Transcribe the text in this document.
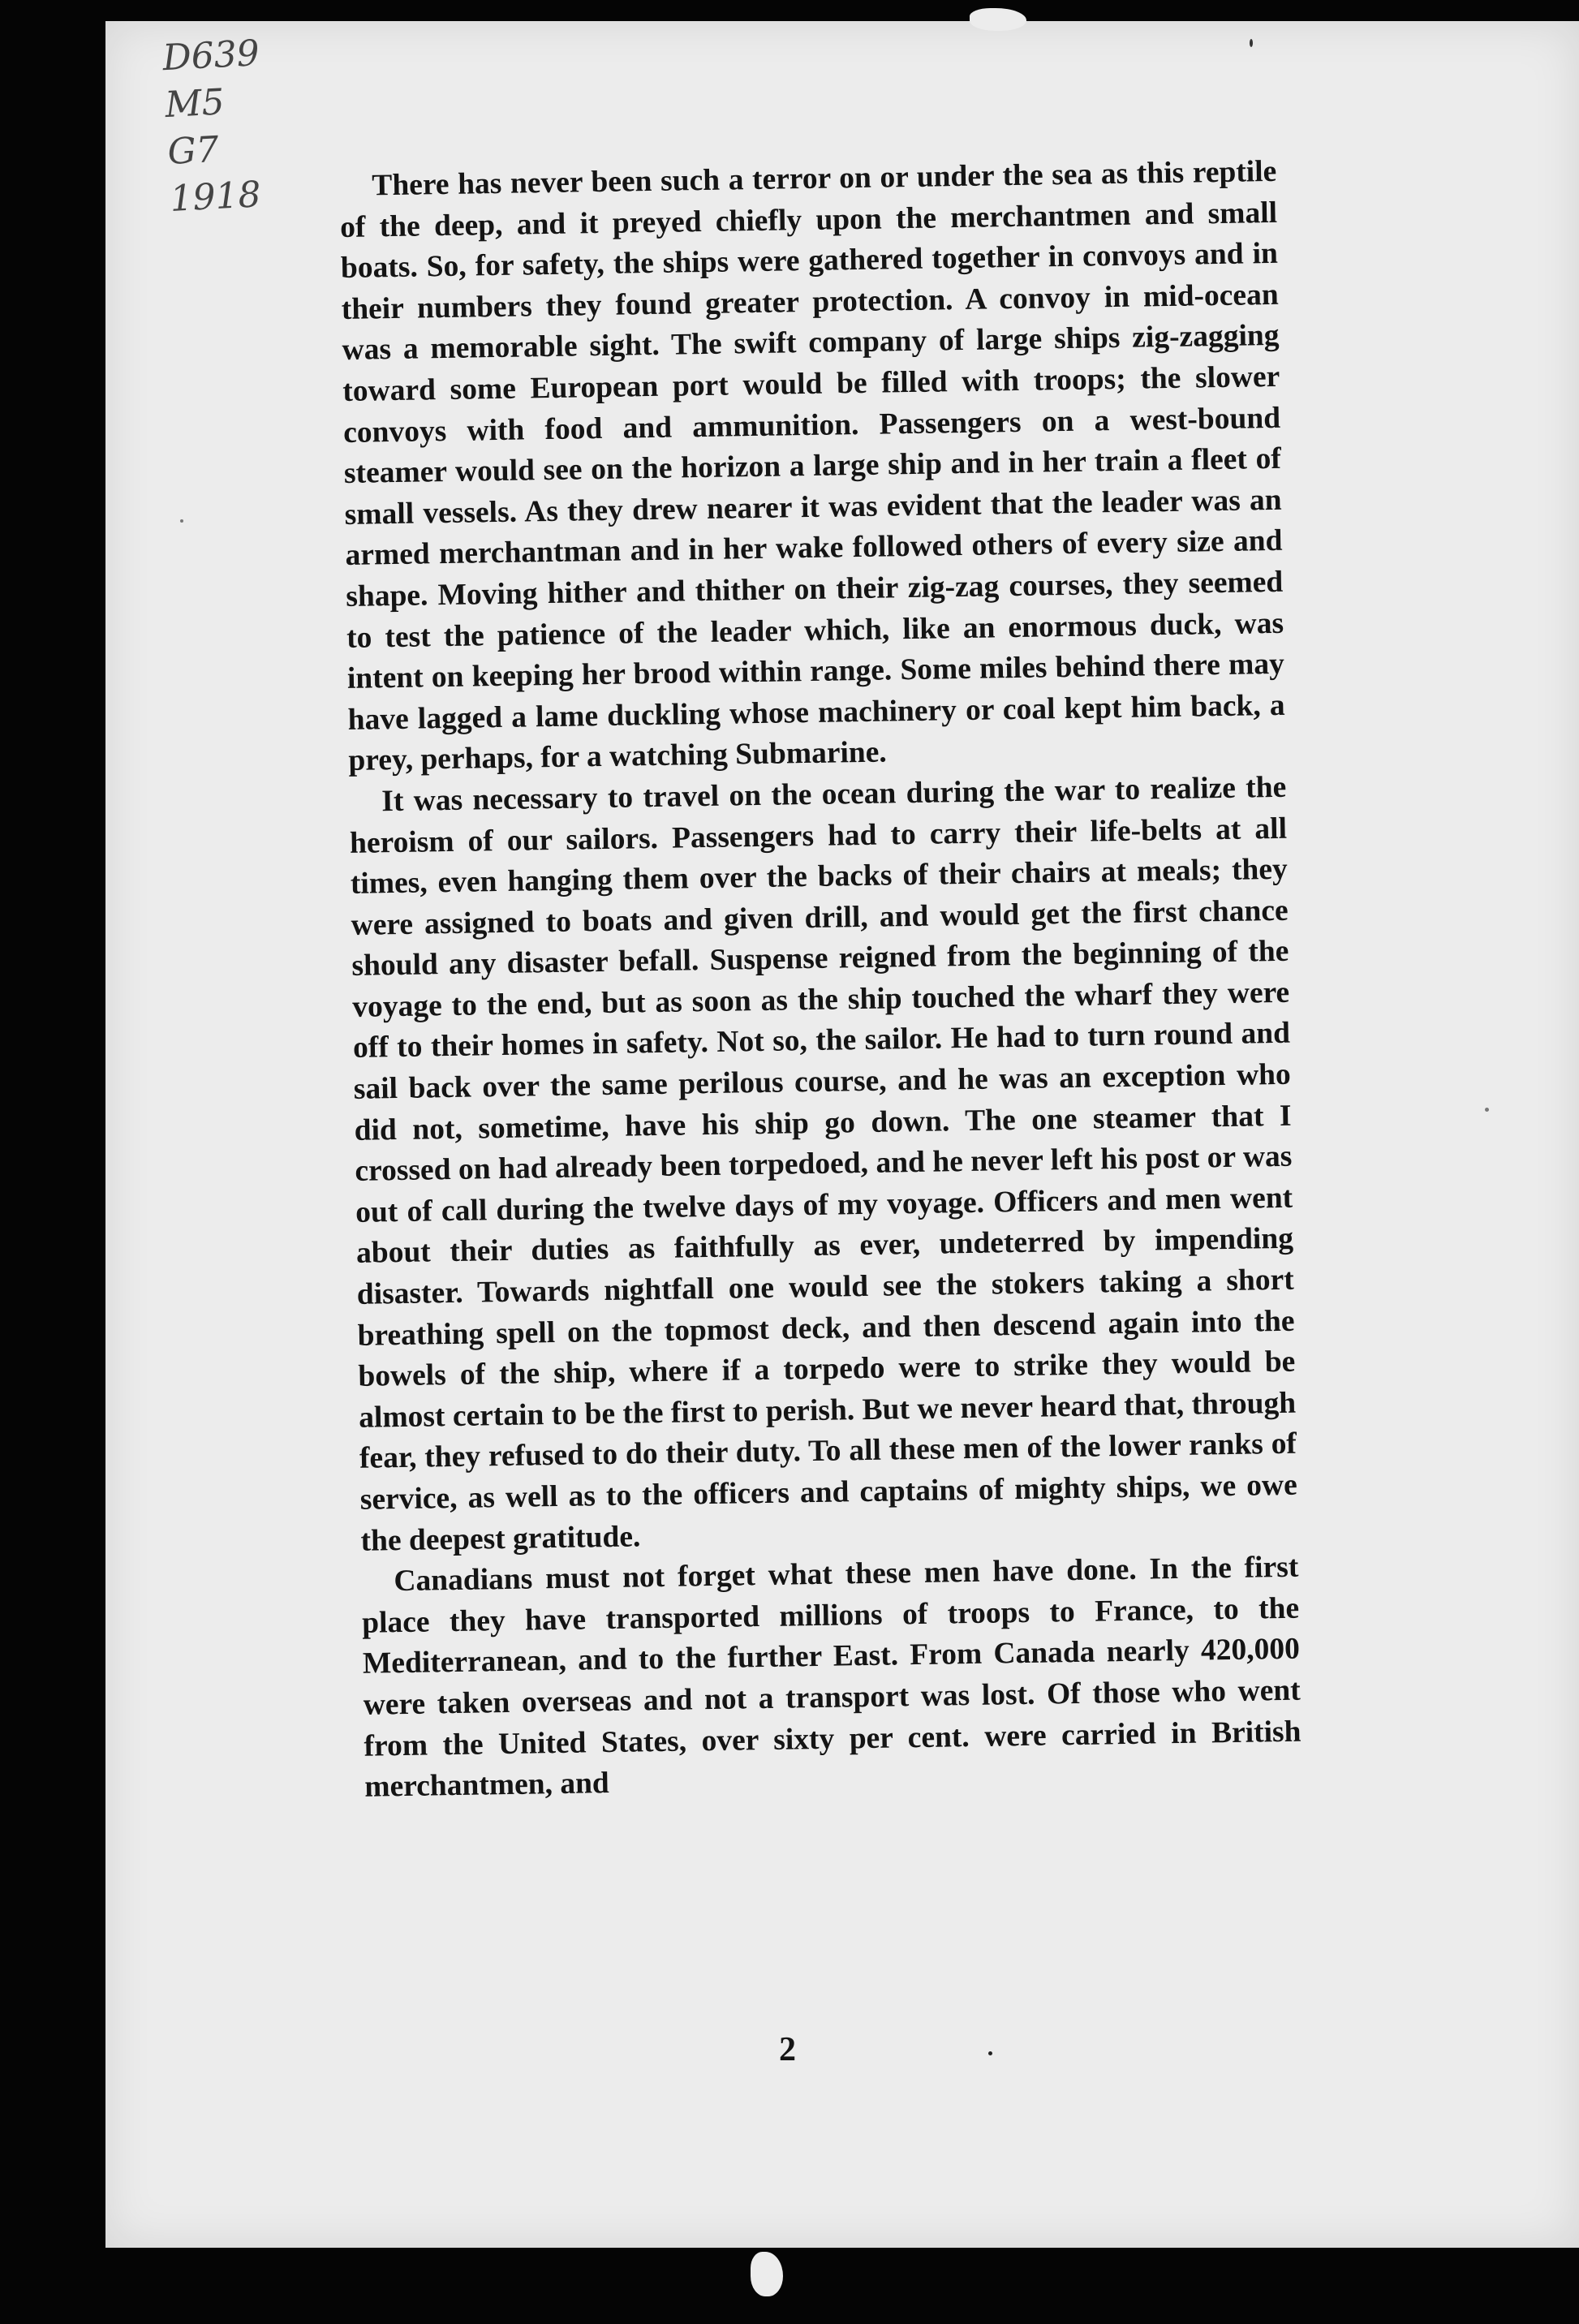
D639
M5
G7
1918	There has never been such a terror on or under the sea as this reptile of the deep, and it preyed chiefly upon the merchantmen and small boats. So, for safety, the ships were gathered together in convoys and in their numbers they found greater protection. A convoy in mid-ocean was a memorable sight. The swift company of large ships zig-zagging toward some European port would be filled with troops; the slower convoys with food and ammunition. Passengers on a west-bound steamer would see on the horizon a large ship and in her train a fleet of small vessels. As they drew nearer it was evident that the leader was an armed merchantman and in her wake followed others of every size and shape. Moving hither and thither on their zig-zag courses, they seemed to test the patience of the leader which, like an enormous duck, was intent on keeping her brood within range. Some miles behind there may have lagged a lame duckling whose machinery or coal kept him back, a prey, perhaps, for a watching Submarine.

It was necessary to travel on the ocean during the war to realize the heroism of our sailors. Passengers had to carry their life-belts at all times, even hanging them over the backs of their chairs at meals; they were assigned to boats and given drill, and would get the first chance should any disaster befall. Suspense reigned from the beginning of the voyage to the end, but as soon as the ship touched the wharf they were off to their homes in safety. Not so, the sailor. He had to turn round and sail back over the same perilous course, and he was an exception who did not, sometime, have his ship go down. The one steamer that I crossed on had already been torpedoed, and he never left his post or was out of call during the twelve days of my voyage. Officers and men went about their duties as faithfully as ever, undeterred by impending disaster. Towards nightfall one would see the stokers taking a short breathing spell on the topmost deck, and then descend again into the bowels of the ship, where if a torpedo were to strike they would be almost certain to be the first to perish. But we never heard that, through fear, they refused to do their duty. To all these men of the lower ranks of service, as well as to the officers and captains of mighty ships, we owe the deepest gratitude.

Canadians must not forget what these men have done. In the first place they have transported millions of troops to France, to the Mediterranean, and to the further East. From Canada nearly 420,000 were taken overseas and not a transport was lost. Of those who went from the United States, over sixty per cent. were carried in British merchantmen, and

2
